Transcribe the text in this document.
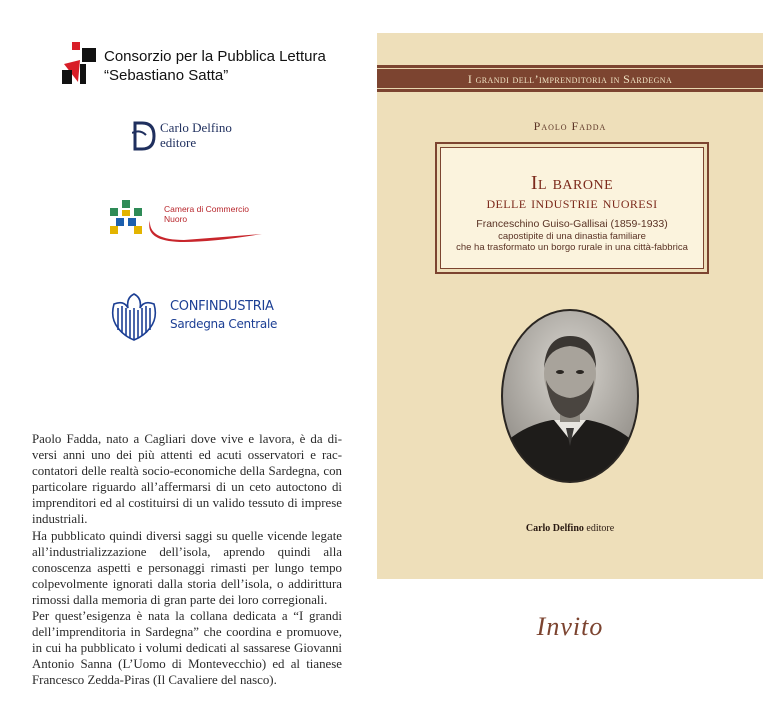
Consorzio per la Pubblica Lettura
“Sebastiano Satta”
Carlo Delfino
editore
Camera di Commercio
Nuoro
CONFINDUSTRIA
Sardegna Centrale

Paolo Fadda, nato a Cagliari dove vive e lavora, è da diversi anni uno dei più attenti ed acuti osservatori e raccontatori delle realtà socio-economiche della Sardegna, con particolare riguardo all’affermarsi di un ceto autoctono di imprenditori ed al costituirsi di un valido tessuto di imprese industriali.

Ha pubblicato quindi diversi saggi su quelle vicende legate all’industrializzazione dell’isola, aprendo quindi alla conoscenza aspetti e personaggi rimasti per lungo tempo colpevolmente ignorati dalla storia dell’isola, o addirittura rimossi dalla memoria di gran parte dei loro corregionali.

Per quest’esigenza è nata la collana dedicata a “I grandi dell’imprenditoria in Sardegna” che coordina e promuove, in cui ha pubblicato i volumi dedicati al sassarese Giovanni Antonio Sanna (L’Uomo di Montevecchio) ed al tianese Francesco Zedda-Piras (Il Cavaliere del nasco).

I grandi dell’imprenditoria in Sardegna
Paolo Fadda
Il barone
delle industrie nuoresi
Franceschino Guiso-Gallisai (1859-1933)
capostipite di una dinastia familiare
che ha trasformato un borgo rurale in una città-fabbrica
Carlo Delfino editore
Invito
